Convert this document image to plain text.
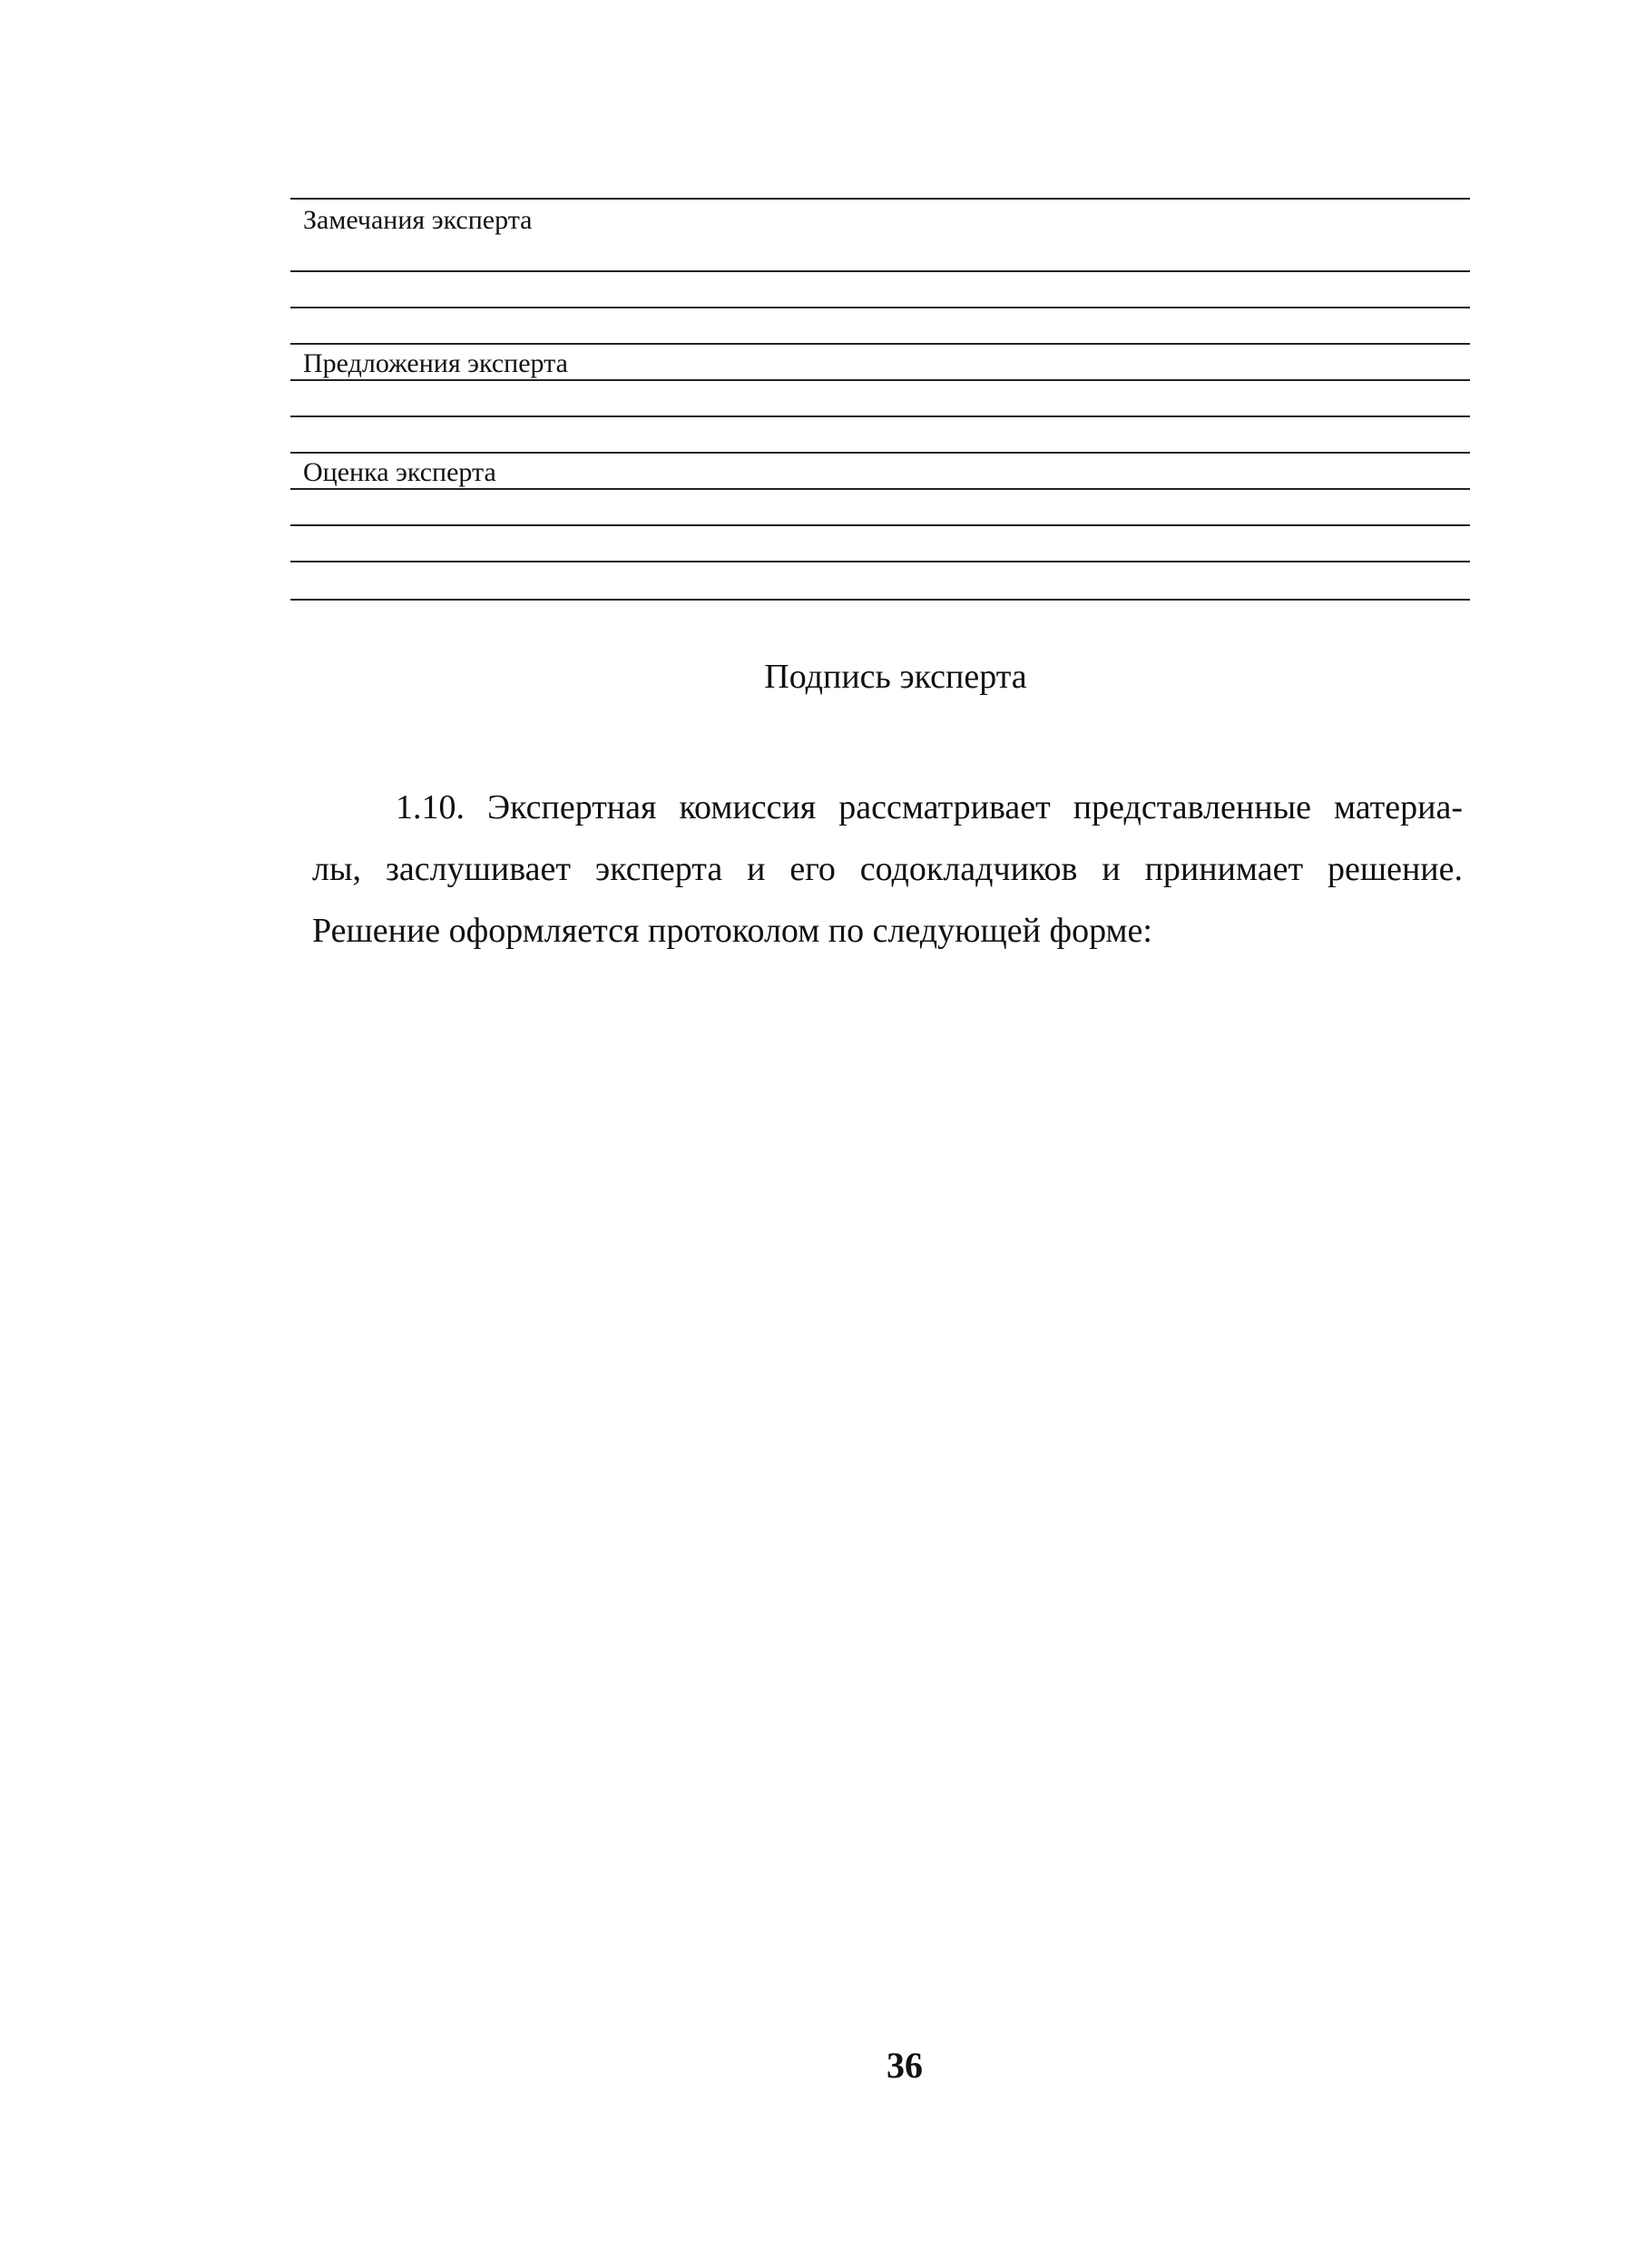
Замечания эксперта
Предложения эксперта
Оценка эксперта
Подпись эксперта
1.10. Экспертная комиссия рассматривает представленные материа-
лы, заслушивает эксперта и его содокладчиков и принимает решение.
Решение оформляется протоколом по следующей форме:
36
